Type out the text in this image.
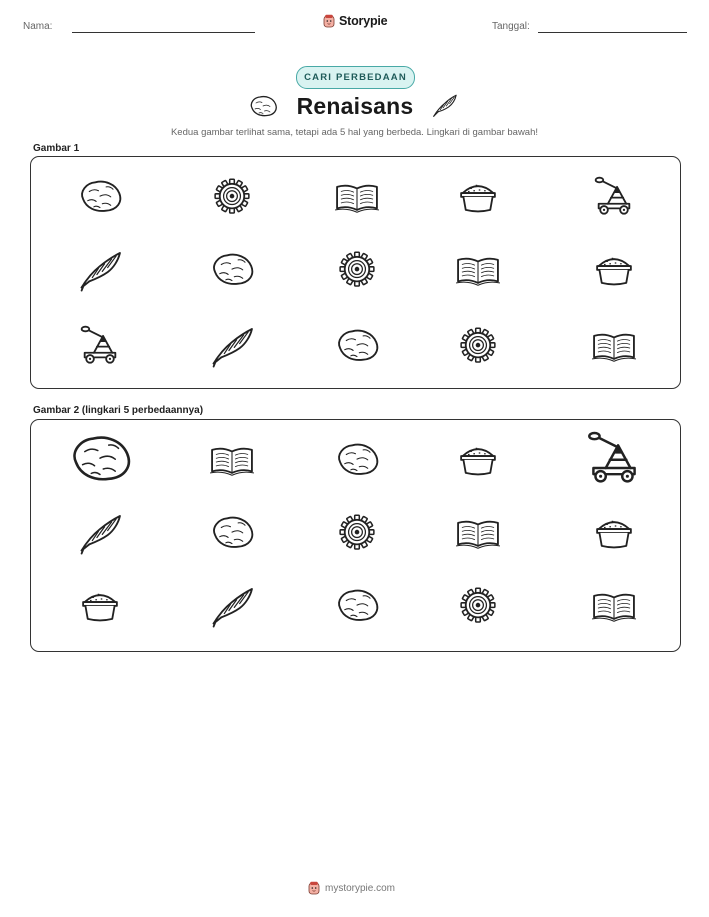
Nama:	Storypie	Tanggal:
CARI PERBEDAAN
Renaisans
Kedua gambar terlihat sama, tetapi ada 5 hal yang berbeda. Lingkari di gambar bawah!
Gambar 1
Gambar 2 (lingkari 5 perbedaannya)
mystorypie.com
